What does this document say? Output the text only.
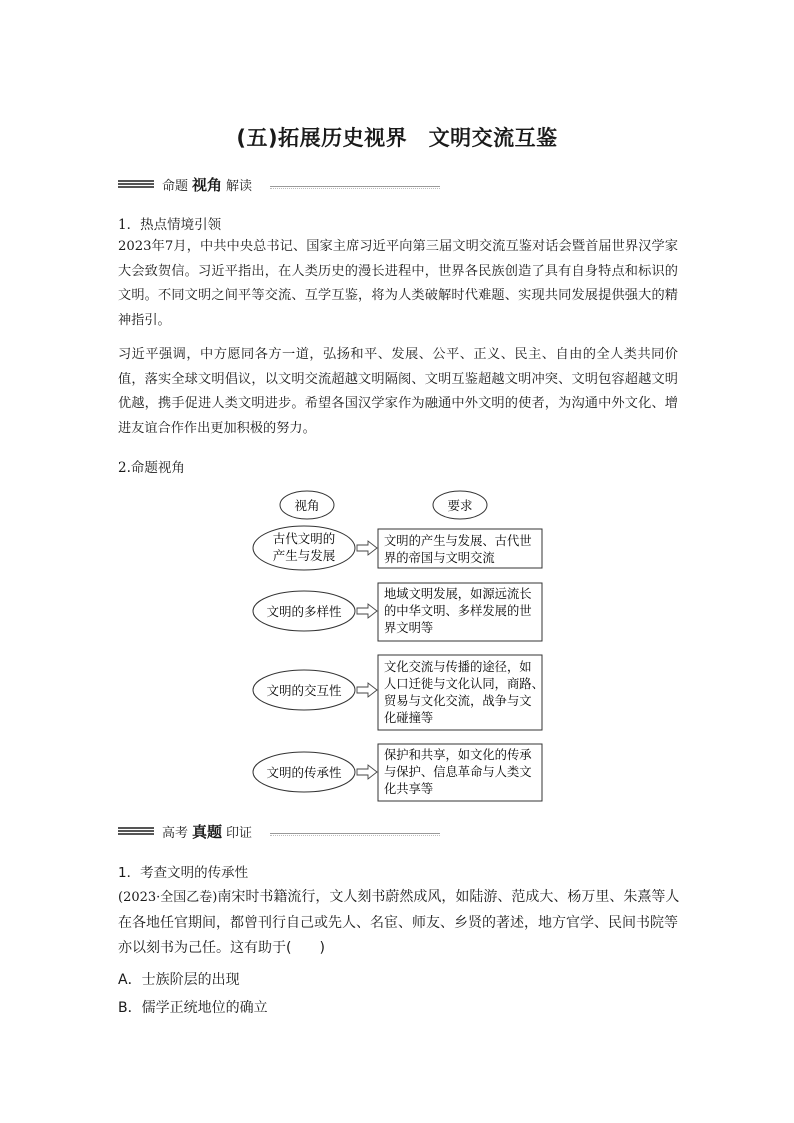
(五)拓展历史视界　文明交流互鉴
命题 视角 解读
1．热点情境引领
2023年7月，中共中央总书记、国家主席习近平向第三届文明交流互鉴对话会暨首届世界汉学家大会致贺信。习近平指出，在人类历史的漫长进程中，世界各民族创造了具有自身特点和标识的文明。不同文明之间平等交流、互学互鉴，将为人类破解时代难题、实现共同发展提供强大的精神指引。
习近平强调，中方愿同各方一道，弘扬和平、发展、公平、正义、民主、自由的全人类共同价值，落实全球文明倡议，以文明交流超越文明隔阂、文明互鉴超越文明冲突、文明包容超越文明优越，携手促进人类文明进步。希望各国汉学家作为融通中外文明的使者，为沟通中外文化、增进友谊合作作出更加积极的努力。
2.命题视角
视角	要求
古代文明的
产生与发展
文明的产生与发展、古代世
界的帝国与文明交流
文明的多样性
地域文明发展，如源远流长
的中华文明、多样发展的世
界文明等
文明的交互性
文化交流与传播的途径，如
人口迁徙与文化认同，商路、
贸易与文化交流，战争与文
化碰撞等
文明的传承性
保护和共享，如文化的传承
与保护、信息革命与人类文
化共享等
高考 真题 印证
1．考查文明的传承性
(2023·全国乙卷)南宋时书籍流行，文人刻书蔚然成风，如陆游、范成大、杨万里、朱熹等人在各地任官期间，都曾刊行自己或先人、名宦、师友、乡贤的著述，地方官学、民间书院等亦以刻书为己任。这有助于(　　)
A．士族阶层的出现
B．儒学正统地位的确立
